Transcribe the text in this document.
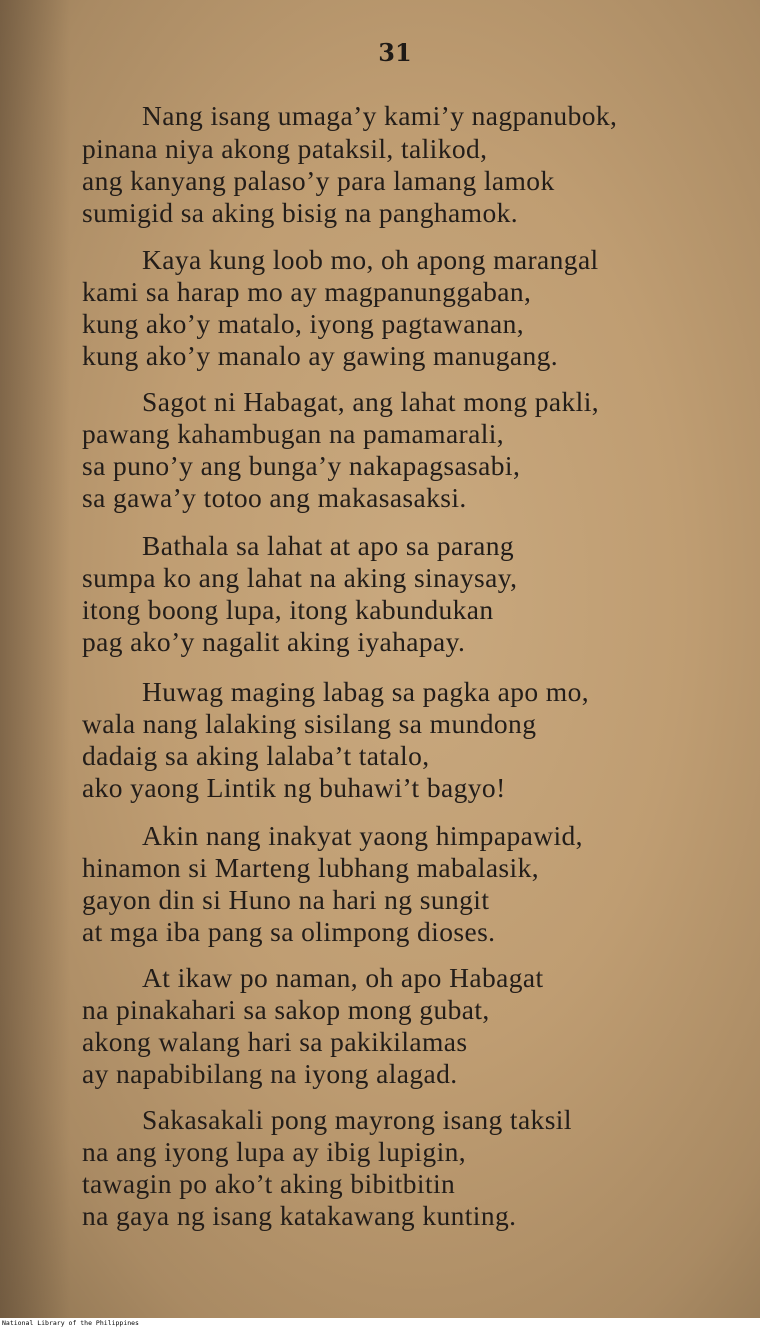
31
Nang isang umaga’y kami’y nagpanubok,
pinana niya akong pataksil, talikod,
ang kanyang palaso’y para lamang lamok
sumigid sa aking bisig na panghamok.
Kaya kung loob mo, oh apong marangal
kami sa harap mo ay magpanunggaban,
kung ako’y matalo, iyong pagtawanan,
kung ako’y manalo ay gawing manugang.
Sagot ni Habagat, ang lahat mong pakli,
pawang kahambugan na pamamarali,
sa puno’y ang bunga’y nakapagsasabi,
sa gawa’y totoo ang makasasaksi.
Bathala sa lahat at apo sa parang
sumpa ko ang lahat na aking sinaysay,
itong boong lupa, itong kabundukan
pag ako’y nagalit aking iyahapay.
Huwag maging labag sa pagka apo mo,
wala nang lalaking sisilang sa mundong
dadaig sa aking lalaba’t tatalo,
ako yaong Lintik ng buhawi’t bagyo!
Akin nang inakyat yaong himpapawid,
hinamon si Marteng lubhang mabalasik,
gayon din si Huno na hari ng sungit
at mga iba pang sa olimpong dioses.
At ikaw po naman, oh apo Habagat
na pinakahari sa sakop mong gubat,
akong walang hari sa pakikilamas
ay napabibilang na iyong alagad.
Sakasakali pong mayrong isang taksil
na ang iyong lupa ay ibig lupigin,
tawagin po ako’t aking bibitbitin
na gaya ng isang katakawang kunting.
National Library of the Philippines
